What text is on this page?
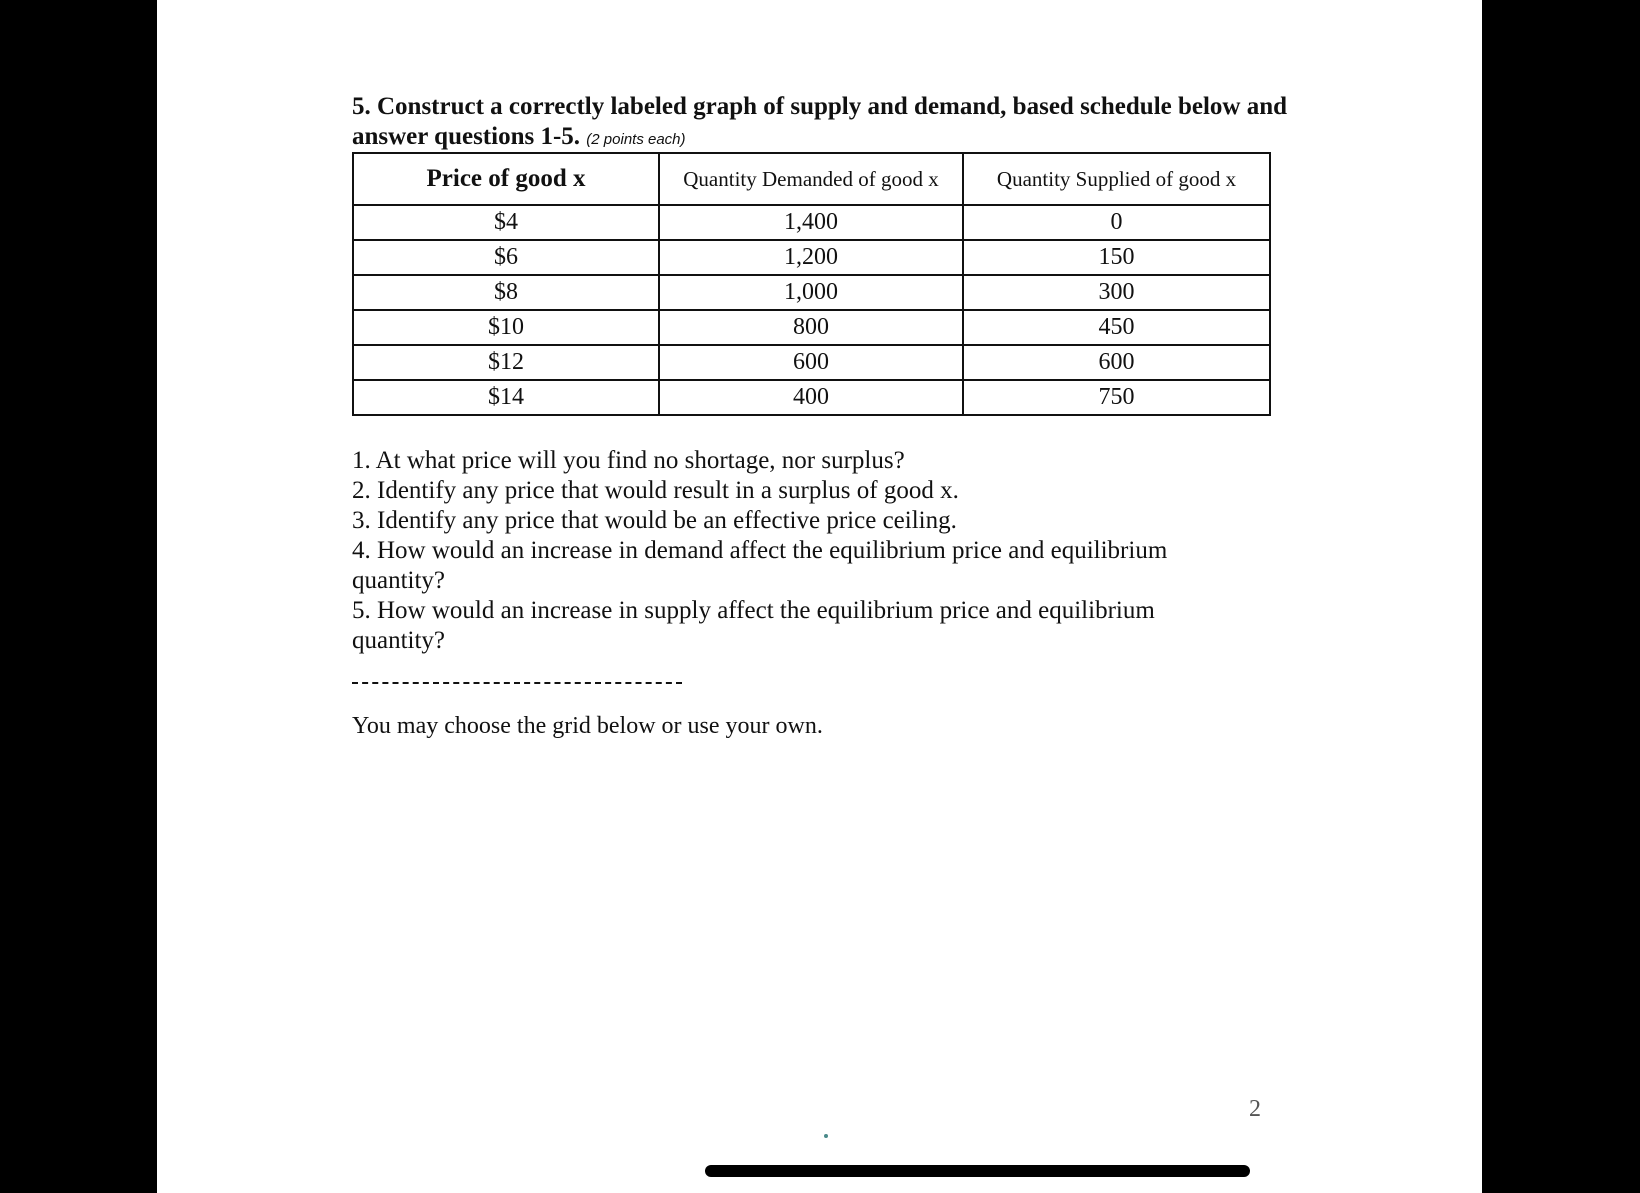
5. Construct a correctly labeled graph of supply and demand, based schedule below and answer questions 1-5. (2 points each)
Price of good x	Quantity Demanded of good x	Quantity Supplied of good x
$4	1,400	0
$6	1,200	150
$8	1,000	300
$10	800	450
$12	600	600
$14	400	750

1. At what price will you find no shortage, nor surplus?

2. Identify any price that would result in a surplus of good x.

3. Identify any price that would be an effective price ceiling.

4. How would an increase in demand affect the equilibrium price and equilibrium quantity?

5. How would an increase in supply affect the equilibrium price and equilibrium quantity?

You may choose the grid below or use your own.
2
